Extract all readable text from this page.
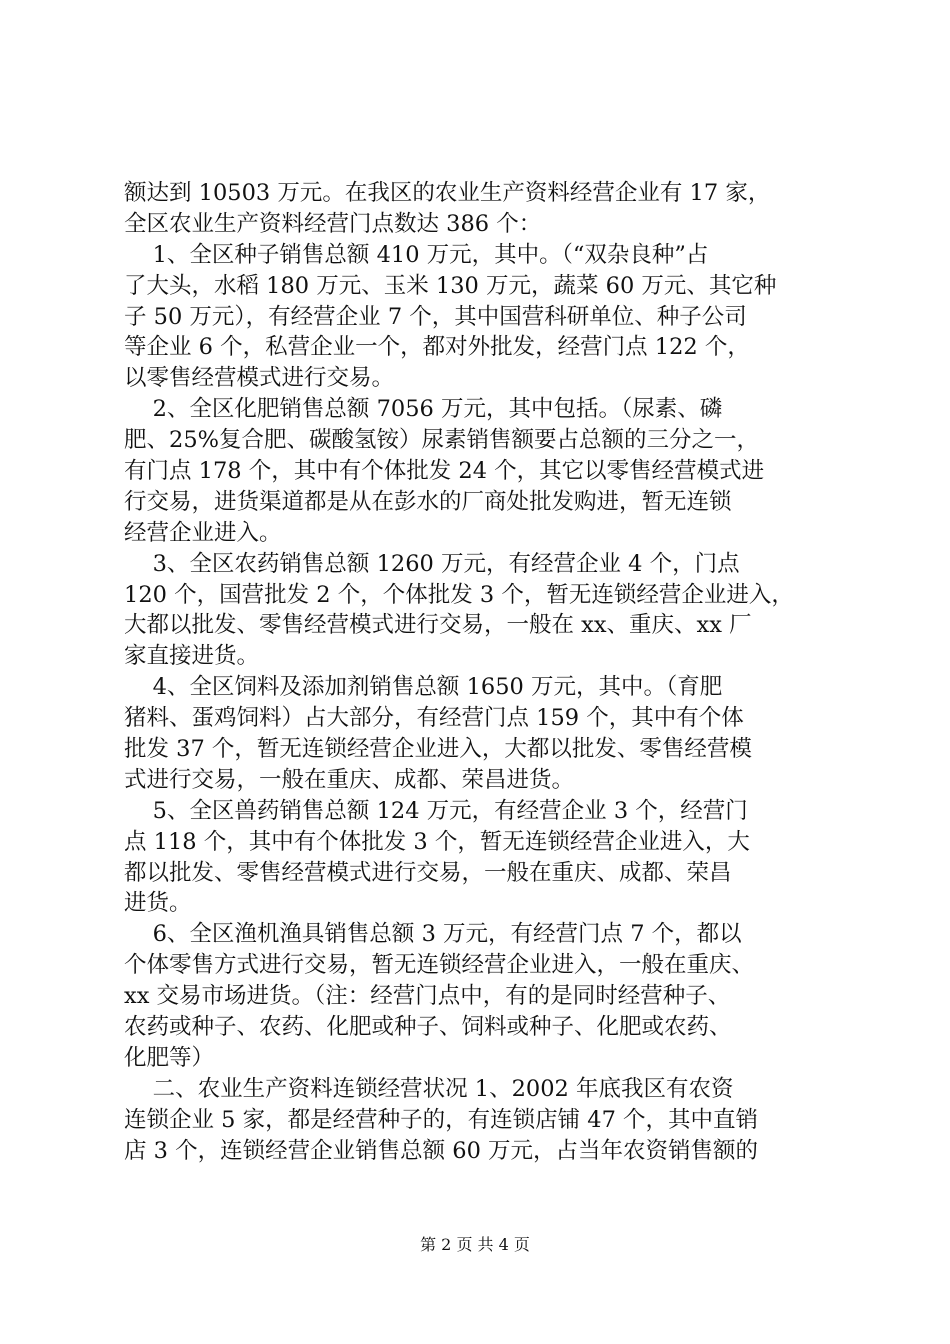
额达到 10503 万元。在我区的农业生产资料经营企业有 17 家，
全区农业生产资料经营门点数达 386 个：
1、全区种子销售总额 410 万元，其中。（“双杂良种”占
了大头，水稻 180 万元、玉米 130 万元，蔬菜 60 万元、其它种
子 50 万元），有经营企业 7 个，其中国营科研单位、种子公司
等企业 6 个，私营企业一个，都对外批发，经营门点 122 个，
以零售经营模式进行交易。
2、全区化肥销售总额 7056 万元，其中包括。（尿素、磷
肥、25%复合肥、碳酸氢铵）尿素销售额要占总额的三分之一，
有门点 178 个，其中有个体批发 24 个，其它以零售经营模式进
行交易，进货渠道都是从在彭水的厂商处批发购进，暂无连锁
经营企业进入。
3、全区农药销售总额 1260 万元，有经营企业 4 个，门点
120 个，国营批发 2 个，个体批发 3 个，暂无连锁经营企业进入，
大都以批发、零售经营模式进行交易，一般在 xx、重庆、xx 厂
家直接进货。
4、全区饲料及添加剂销售总额 1650 万元，其中。（育肥
猪料、蛋鸡饲料）占大部分，有经营门点 159 个，其中有个体
批发 37 个，暂无连锁经营企业进入，大都以批发、零售经营模
式进行交易，一般在重庆、成都、荣昌进货。
5、全区兽药销售总额 124 万元，有经营企业 3 个，经营门
点 118 个，其中有个体批发 3 个，暂无连锁经营企业进入，大
都以批发、零售经营模式进行交易，一般在重庆、成都、荣昌
进货。
6、全区渔机渔具销售总额 3 万元，有经营门点 7 个，都以
个体零售方式进行交易，暂无连锁经营企业进入，一般在重庆、
xx 交易市场进货。（注：经营门点中，有的是同时经营种子、
农药或种子、农药、化肥或种子、饲料或种子、化肥或农药、
化肥等）
二、农业生产资料连锁经营状况 1、2002 年底我区有农资
连锁企业 5 家，都是经营种子的，有连锁店铺 47 个，其中直销
店 3 个，连锁经营企业销售总额 60 万元，占当年农资销售额的
第 2 页 共 4 页
